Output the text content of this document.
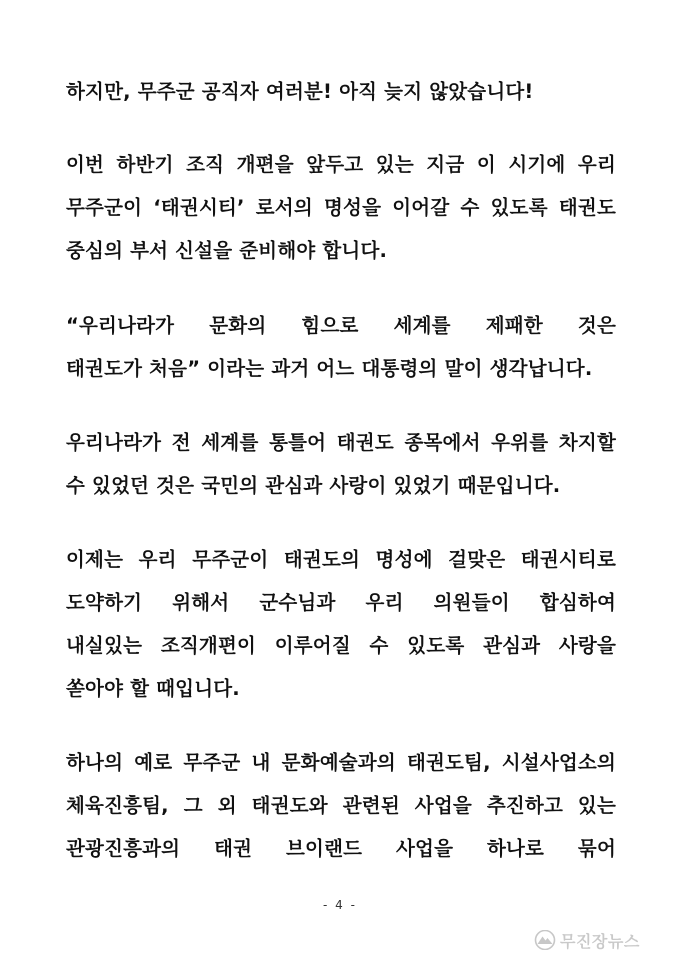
하지만, 무주군 공직자 여러분! 아직 늦지 않았습니다!
이번 하반기 조직 개편을 앞두고 있는 지금 이 시기에 우리
무주군이 ‘태권시티’ 로서의 명성을 이어갈 수 있도록 태권도
중심의 부서 신설을 준비해야 합니다.
“우리나라가 문화의 힘으로 세계를 제패한 것은
태권도가 처음” 이라는 과거 어느 대통령의 말이 생각납니다.
우리나라가 전 세계를 통틀어 태권도 종목에서 우위를 차지할
수 있었던 것은 국민의 관심과 사랑이 있었기 때문입니다.
이제는 우리 무주군이 태권도의 명성에 걸맞은 태권시티로
도약하기 위해서 군수님과 우리 의원들이 합심하여
내실있는 조직개편이 이루어질 수 있도록 관심과 사랑을
쏟아야 할 때입니다.
하나의 예로 무주군 내 문화예술과의 태권도팀, 시설사업소의
체육진흥팀, 그 외 태권도와 관련된 사업을 추진하고 있는
관광진흥과의 태권 브이랜드 사업을 하나로 묶어
- 4 -
무진장뉴스
